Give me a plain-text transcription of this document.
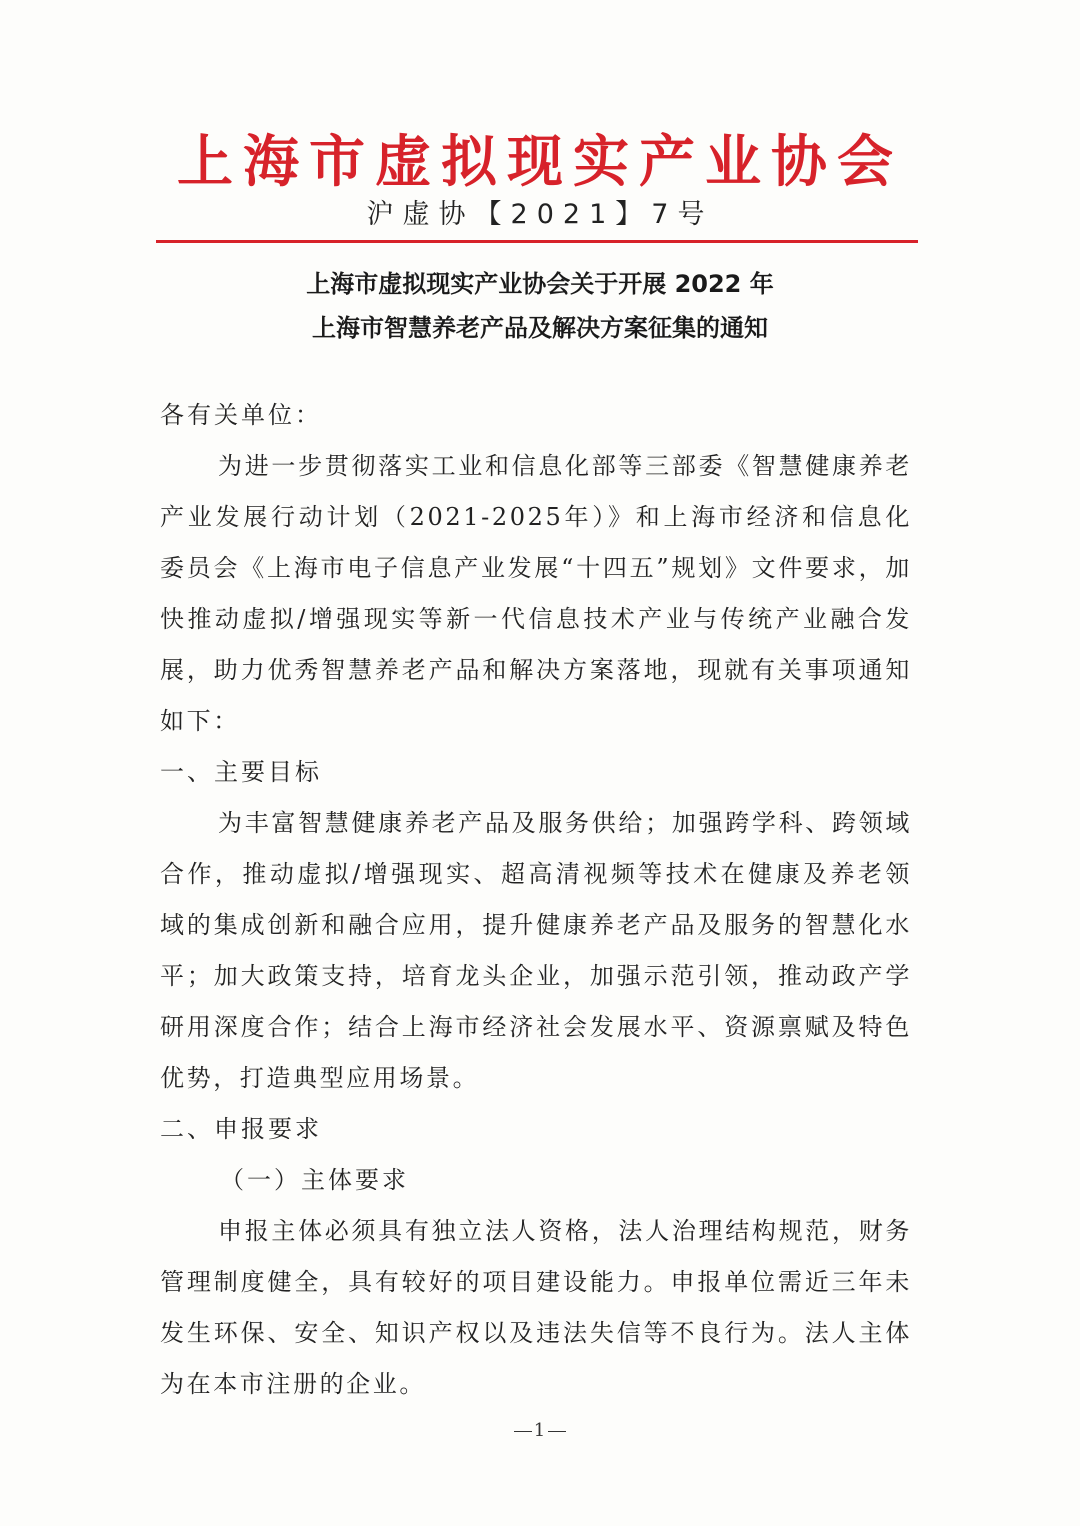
上海市虚拟现实产业协会
沪虚协【2021】7号
上海市虚拟现实产业协会关于开展 2022 年
上海市智慧养老产品及解决方案征集的通知
各有关单位：
为进一步贯彻落实工业和信息化部等三部委《智慧健康养老产业发展行动计划（2021-2025年）》和上海市经济和信息化委员会《上海市电子信息产业发展“十四五”规划》文件要求，加快推动虚拟/增强现实等新一代信息技术产业与传统产业融合发展，助力优秀智慧养老产品和解决方案落地，现就有关事项通知如下：
一、主要目标
为丰富智慧健康养老产品及服务供给；加强跨学科、跨领域合作，推动虚拟/增强现实、超高清视频等技术在健康及养老领域的集成创新和融合应用，提升健康养老产品及服务的智慧化水平；加大政策支持，培育龙头企业，加强示范引领，推动政产学研用深度合作；结合上海市经济社会发展水平、资源禀赋及特色优势，打造典型应用场景。
二、申报要求
（一）主体要求
申报主体必须具有独立法人资格，法人治理结构规范，财务管理制度健全，具有较好的项目建设能力。申报单位需近三年未发生环保、安全、知识产权以及违法失信等不良行为。法人主体为在本市注册的企业。
1
